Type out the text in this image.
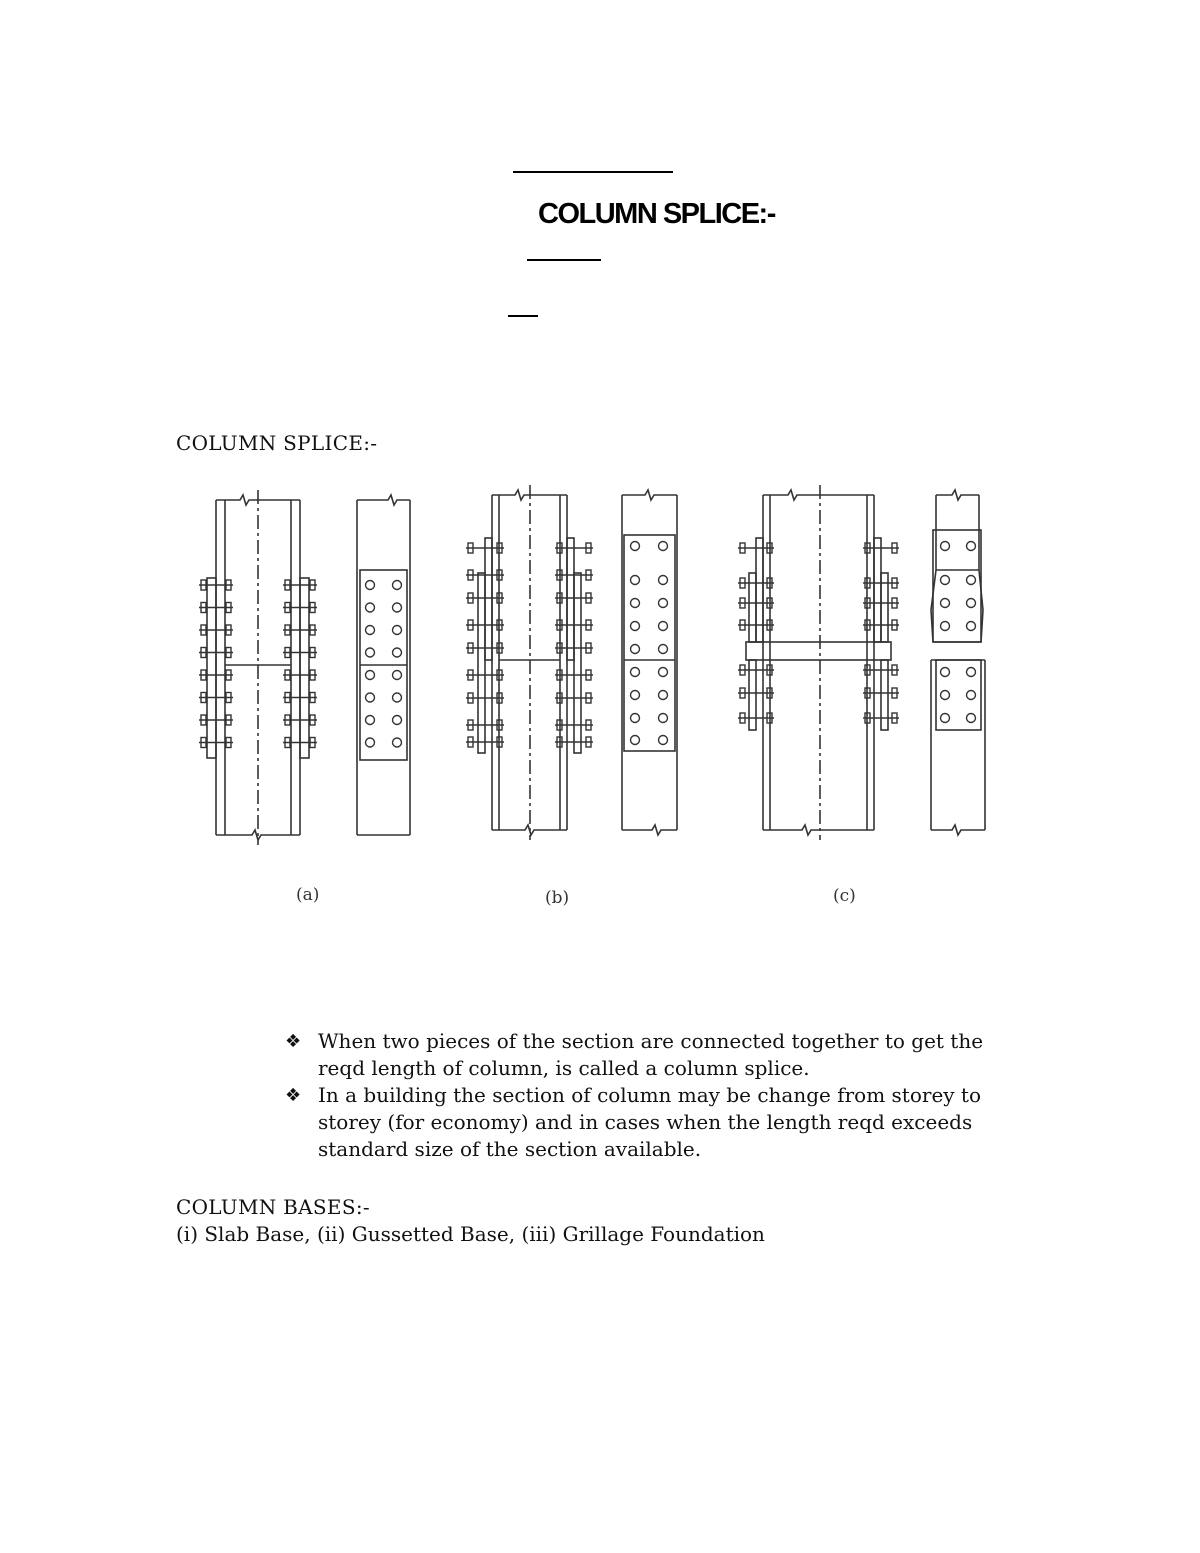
COLUMN SPLICE:-
COLUMN SPLICE:-
(a)	(b)	(c)
❖ When two pieces of the section are connected together to get the reqd length of column, is called a column splice.
❖ In a building the section of column may be change from storey to storey (for economy) and in cases when the length reqd exceeds standard size of the section available.
COLUMN BASES:-
(i) Slab Base, (ii) Gussetted Base, (iii) Grillage Foundation
